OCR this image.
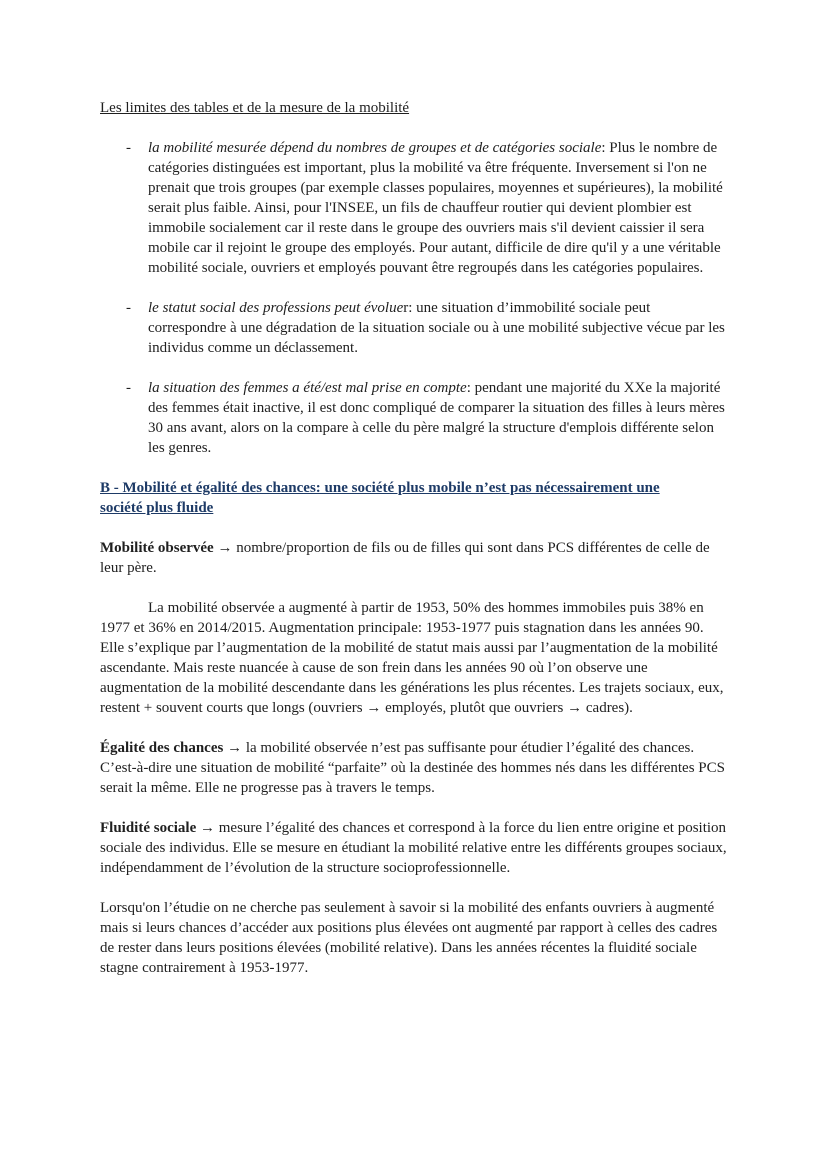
Les limites des tables et de la mesure de la mobilité

- la mobilité mesurée dépend du nombres de groupes et de catégories sociale: Plus le nombre de catégories distinguées est important, plus la mobilité va être fréquente. Inversement si l'on ne prenait que trois groupes (par exemple classes populaires, moyennes et supérieures), la mobilité serait plus faible. Ainsi, pour l'INSEE, un fils de chauffeur routier qui devient plombier est immobile socialement car il reste dans le groupe des ouvriers mais s'il devient caissier il sera mobile car il rejoint le groupe des employés. Pour autant, difficile de dire qu'il y a une véritable mobilité sociale, ouvriers et employés pouvant être regroupés dans les catégories populaires.
- le statut social des professions peut évoluer: une situation d’immobilité sociale peut correspondre à une dégradation de la situation sociale ou à une mobilité subjective vécue par les individus comme un déclassement.
- la situation des femmes a été/est mal prise en compte: pendant une majorité du XXe la majorité des femmes était inactive, il est donc compliqué de comparer la situation des filles à leurs mères 30 ans avant, alors on la compare à celle du père malgré la structure d'emplois différente selon les genres.

B - Mobilité et égalité des chances: une société plus mobile n’est pas nécessairement une société plus fluide

Mobilité observée → nombre/proportion de fils ou de filles qui sont dans PCS différentes de celle de leur père.

La mobilité observée a augmenté à partir de 1953, 50% des hommes immobiles puis 38% en 1977 et 36% en 2014/2015. Augmentation principale: 1953-1977 puis stagnation dans les années 90. Elle s’explique par l’augmentation de la mobilité de statut mais aussi par l’augmentation de la mobilité ascendante. Mais reste nuancée à cause de son frein dans les années 90 où l’on observe une augmentation de la mobilité descendante dans les générations les plus récentes. Les trajets sociaux, eux, restent + souvent courts que longs (ouvriers → employés, plutôt que ouvriers → cadres).

Égalité des chances → la mobilité observée n’est pas suffisante pour étudier l’égalité des chances. C’est-à-dire une situation de mobilité “parfaite” où la destinée des hommes nés dans les différentes PCS serait la même. Elle ne progresse pas à travers le temps.

Fluidité sociale → mesure l’égalité des chances et correspond à la force du lien entre origine et position sociale des individus. Elle se mesure en étudiant la mobilité relative entre les différents groupes sociaux, indépendamment de l’évolution de la structure socioprofessionnelle.

Lorsqu'on l’étudie on ne cherche pas seulement à savoir si la mobilité des enfants ouvriers à augmenté mais si leurs chances d’accéder aux positions plus élevées ont augmenté par rapport à celles des cadres de rester dans leurs positions élevées (mobilité relative). Dans les années récentes la fluidité sociale stagne contrairement à 1953-1977.
